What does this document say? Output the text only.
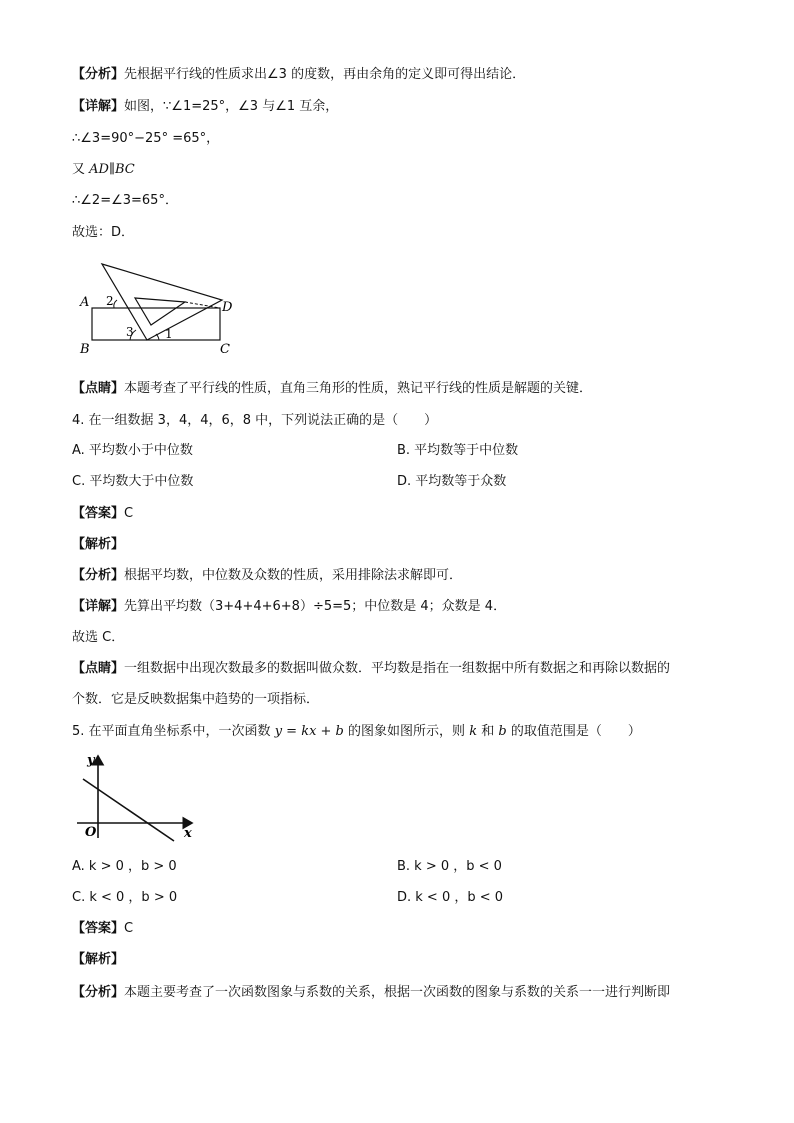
【分析】先根据平行线的性质求出∠3 的度数，再由余角的定义即可得出结论．
【详解】如图，∵∠1=25°，∠3 与∠1 互余，
∴∠3=90°−25° =65°，
又 AD∥BC
∴∠2=∠3=65°．
故选：D．
A	D
B	C
2
3	1
【点睛】本题考查了平行线的性质，直角三角形的性质，熟记平行线的性质是解题的关键．
4. 在一组数据 3，4，4，6，8 中，下列说法正确的是（　　）
A. 平均数小于中位数	B. 平均数等于中位数
C. 平均数大于中位数	D. 平均数等于众数
【答案】C
【解析】
【分析】根据平均数，中位数及众数的性质，采用排除法求解即可．
【详解】先算出平均数（3+4+4+6+8）÷5=5；中位数是 4；众数是 4．
故选 C．
【点睛】一组数据中出现次数最多的数据叫做众数．平均数是指在一组数据中所有数据之和再除以数据的
个数．它是反映数据集中趋势的一项指标．
5. 在平面直角坐标系中，一次函数 y = kx + b 的图象如图所示，则 k 和 b 的取值范围是（　　）
y
x
O
A. k > 0 ，b > 0	B. k > 0 ，b < 0
C. k < 0 ，b > 0	D. k < 0 ，b < 0
【答案】C
【解析】
【分析】本题主要考查了一次函数图象与系数的关系，根据一次函数的图象与系数的关系一一进行判断即
